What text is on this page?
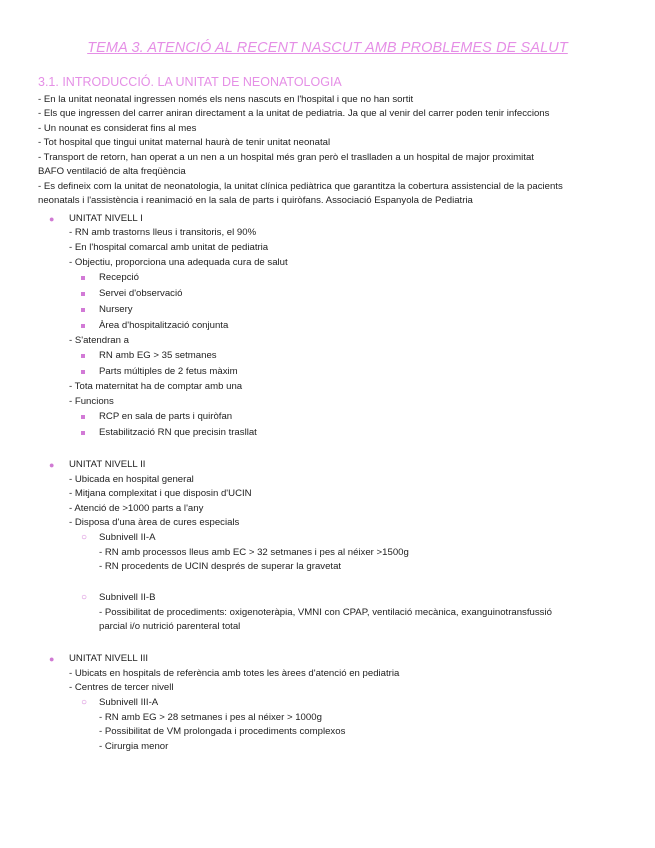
TEMA 3. ATENCIÓ AL RECENT NASCUT AMB PROBLEMES DE SALUT
3.1. INTRODUCCIÓ. LA UNITAT DE NEONATOLOGIA
- En la unitat neonatal ingressen només els nens nascuts en l'hospital i que no han sortit
- Els que ingressen del carrer aniran directament a la unitat de pediatria. Ja que al venir del carrer poden tenir infeccions
- Un nounat es considerat fins al mes
- Tot hospital que tingui unitat maternal haurà de tenir unitat neonatal
- Transport de retorn, han operat a un nen a un hospital més gran però el traslladen a un hospital de major proximitat
BAFO ventilació de alta freqüència
- Es defineix com la unitat de neonatologia, la unitat clínica pediàtrica que garantitza la cobertura assistencial de la pacients
neonatals i l'assistència i reanimació en la sala de parts i quiròfans. Associació Espanyola de Pediatria
● UNITAT NIVELL I
- RN amb trastorns lleus i transitoris, el 90%
- En l'hospital comarcal amb unitat de pediatria
- Objectiu, proporciona una adequada cura de salut
Recepció
Servei d'observació
Nursery
Àrea d'hospitalització conjunta
- S'atendran a
RN amb EG > 35 setmanes
Parts múltiples de 2 fetus màxim
- Tota maternitat ha de comptar amb una
- Funcions
RCP en sala de parts i quiròfan
Estabilització RN que precisin trasllat
● UNITAT NIVELL II
- Ubicada en hospital general
- Mitjana complexitat i que disposin d'UCIN
- Atenció de >1000 parts a l'any
- Disposa d'una àrea de cures especials
○ Subnivell II-A
- RN amb processos lleus amb EC > 32 setmanes i pes al néixer >1500g
- RN procedents de UCIN després de superar la gravetat
○ Subnivell II-B
- Possibilitat de procediments: oxigenoteràpia, VMNI con CPAP, ventilació mecànica, exanguinotransfussió
parcial i/o nutrició parenteral total
● UNITAT NIVELL III
- Ubicats en hospitals de referència amb totes les àrees d'atenció en pediatria
- Centres de tercer nivell
○ Subnivell III-A
- RN amb EG > 28 setmanes i pes al néixer > 1000g
- Possibilitat de VM prolongada i procediments complexos
- Cirurgia menor
